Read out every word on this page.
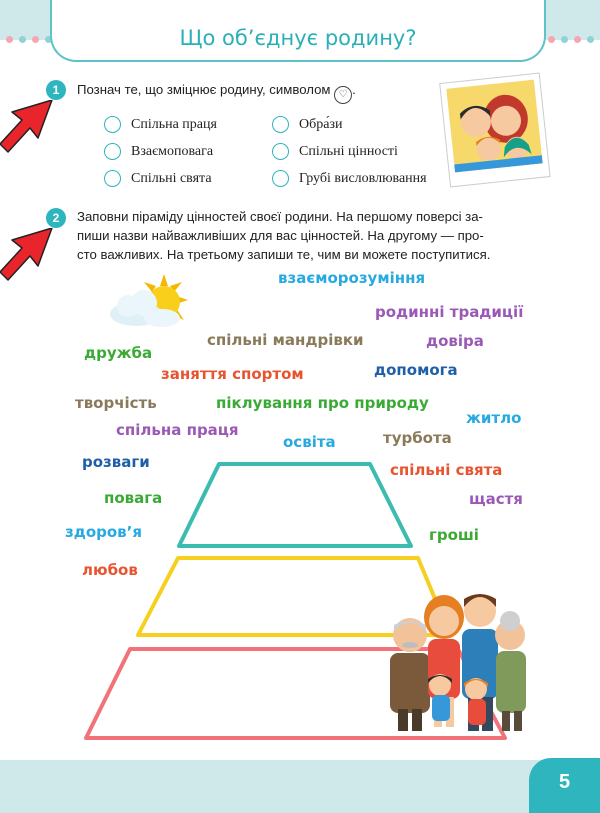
Що об’єднує родину?
1	Познач те, що зміцнює родину, символом ♡ .
Спільна праця
Взаємоповага
Спільні свята
Обра́зи
Спільні цінності
Грубі висловлювання
2	Заповни піраміду цінностей своєї родини. На першому поверсі за-
пиши назви найважливіших для вас цінностей. На другому — про-
сто важливих. На третьому запиши те, чим ви можете поступитися.
взаєморозуміння
родинні традиції
дружба
спільні мандрівки	довіра
заняття спортом	допомога
творчість	піклування про природу
житло
спільна праця
освіта	турбота
розваги	спільні свята
повага	щастя
здоров’я	гроші
любов
5
